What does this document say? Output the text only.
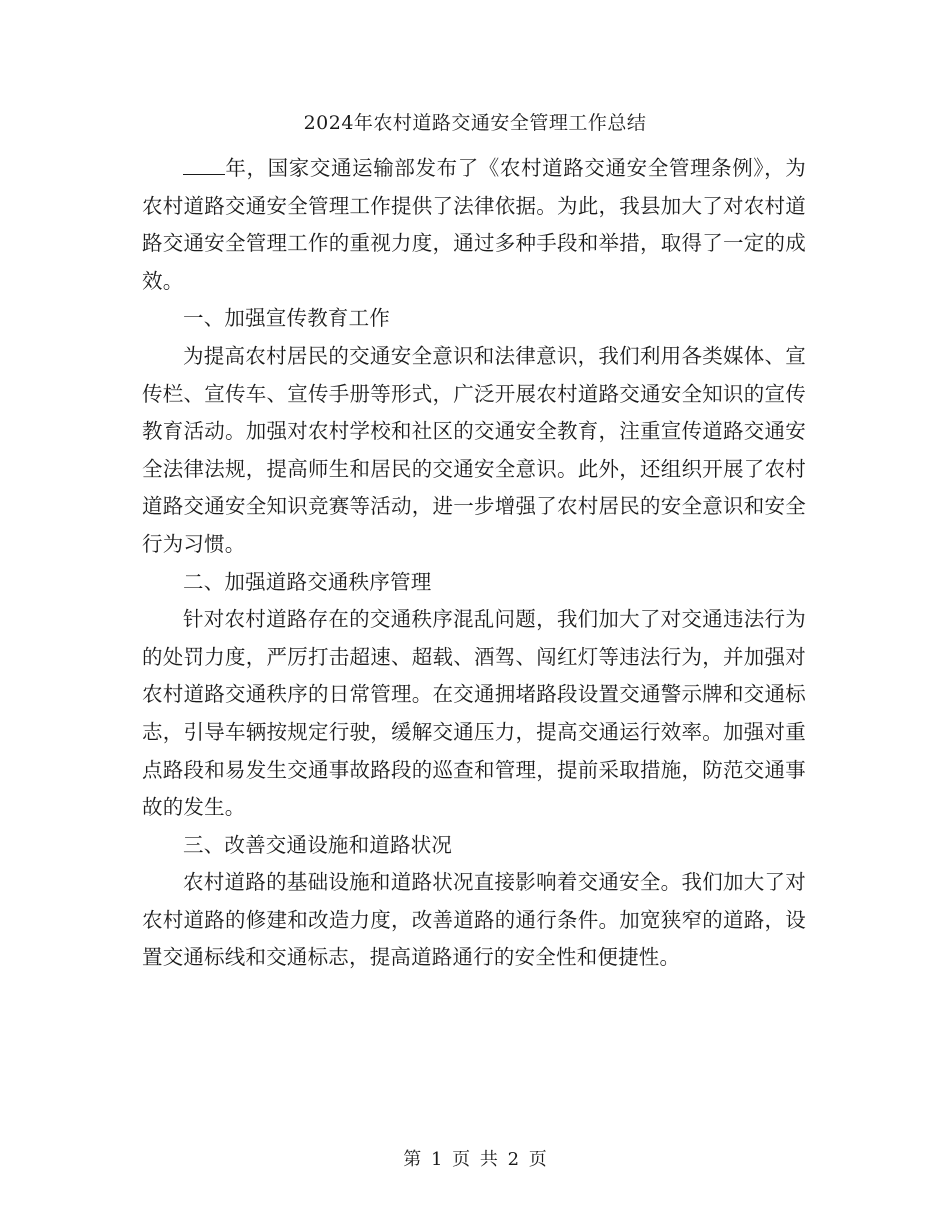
2024年农村道路交通安全管理工作总结

年，国家交通运输部发布了《农村道路交通安全管理条例》，为农村道路交通安全管理工作提供了法律依据。为此，我县加大了对农村道路交通安全管理工作的重视力度，通过多种手段和举措，取得了一定的成效。

一、加强宣传教育工作

为提高农村居民的交通安全意识和法律意识，我们利用各类媒体、宣传栏、宣传车、宣传手册等形式，广泛开展农村道路交通安全知识的宣传教育活动。加强对农村学校和社区的交通安全教育，注重宣传道路交通安全法律法规，提高师生和居民的交通安全意识。此外，还组织开展了农村道路交通安全知识竞赛等活动，进一步增强了农村居民的安全意识和安全行为习惯。

二、加强道路交通秩序管理

针对农村道路存在的交通秩序混乱问题，我们加大了对交通违法行为的处罚力度，严厉打击超速、超载、酒驾、闯红灯等违法行为，并加强对农村道路交通秩序的日常管理。在交通拥堵路段设置交通警示牌和交通标志，引导车辆按规定行驶，缓解交通压力，提高交通运行效率。加强对重点路段和易发生交通事故路段的巡查和管理，提前采取措施，防范交通事故的发生。

三、改善交通设施和道路状况

农村道路的基础设施和道路状况直接影响着交通安全。我们加大了对农村道路的修建和改造力度，改善道路的通行条件。加宽狭窄的道路，设置交通标线和交通标志，提高道路通行的安全性和便捷性。

第 1 页 共 2 页
